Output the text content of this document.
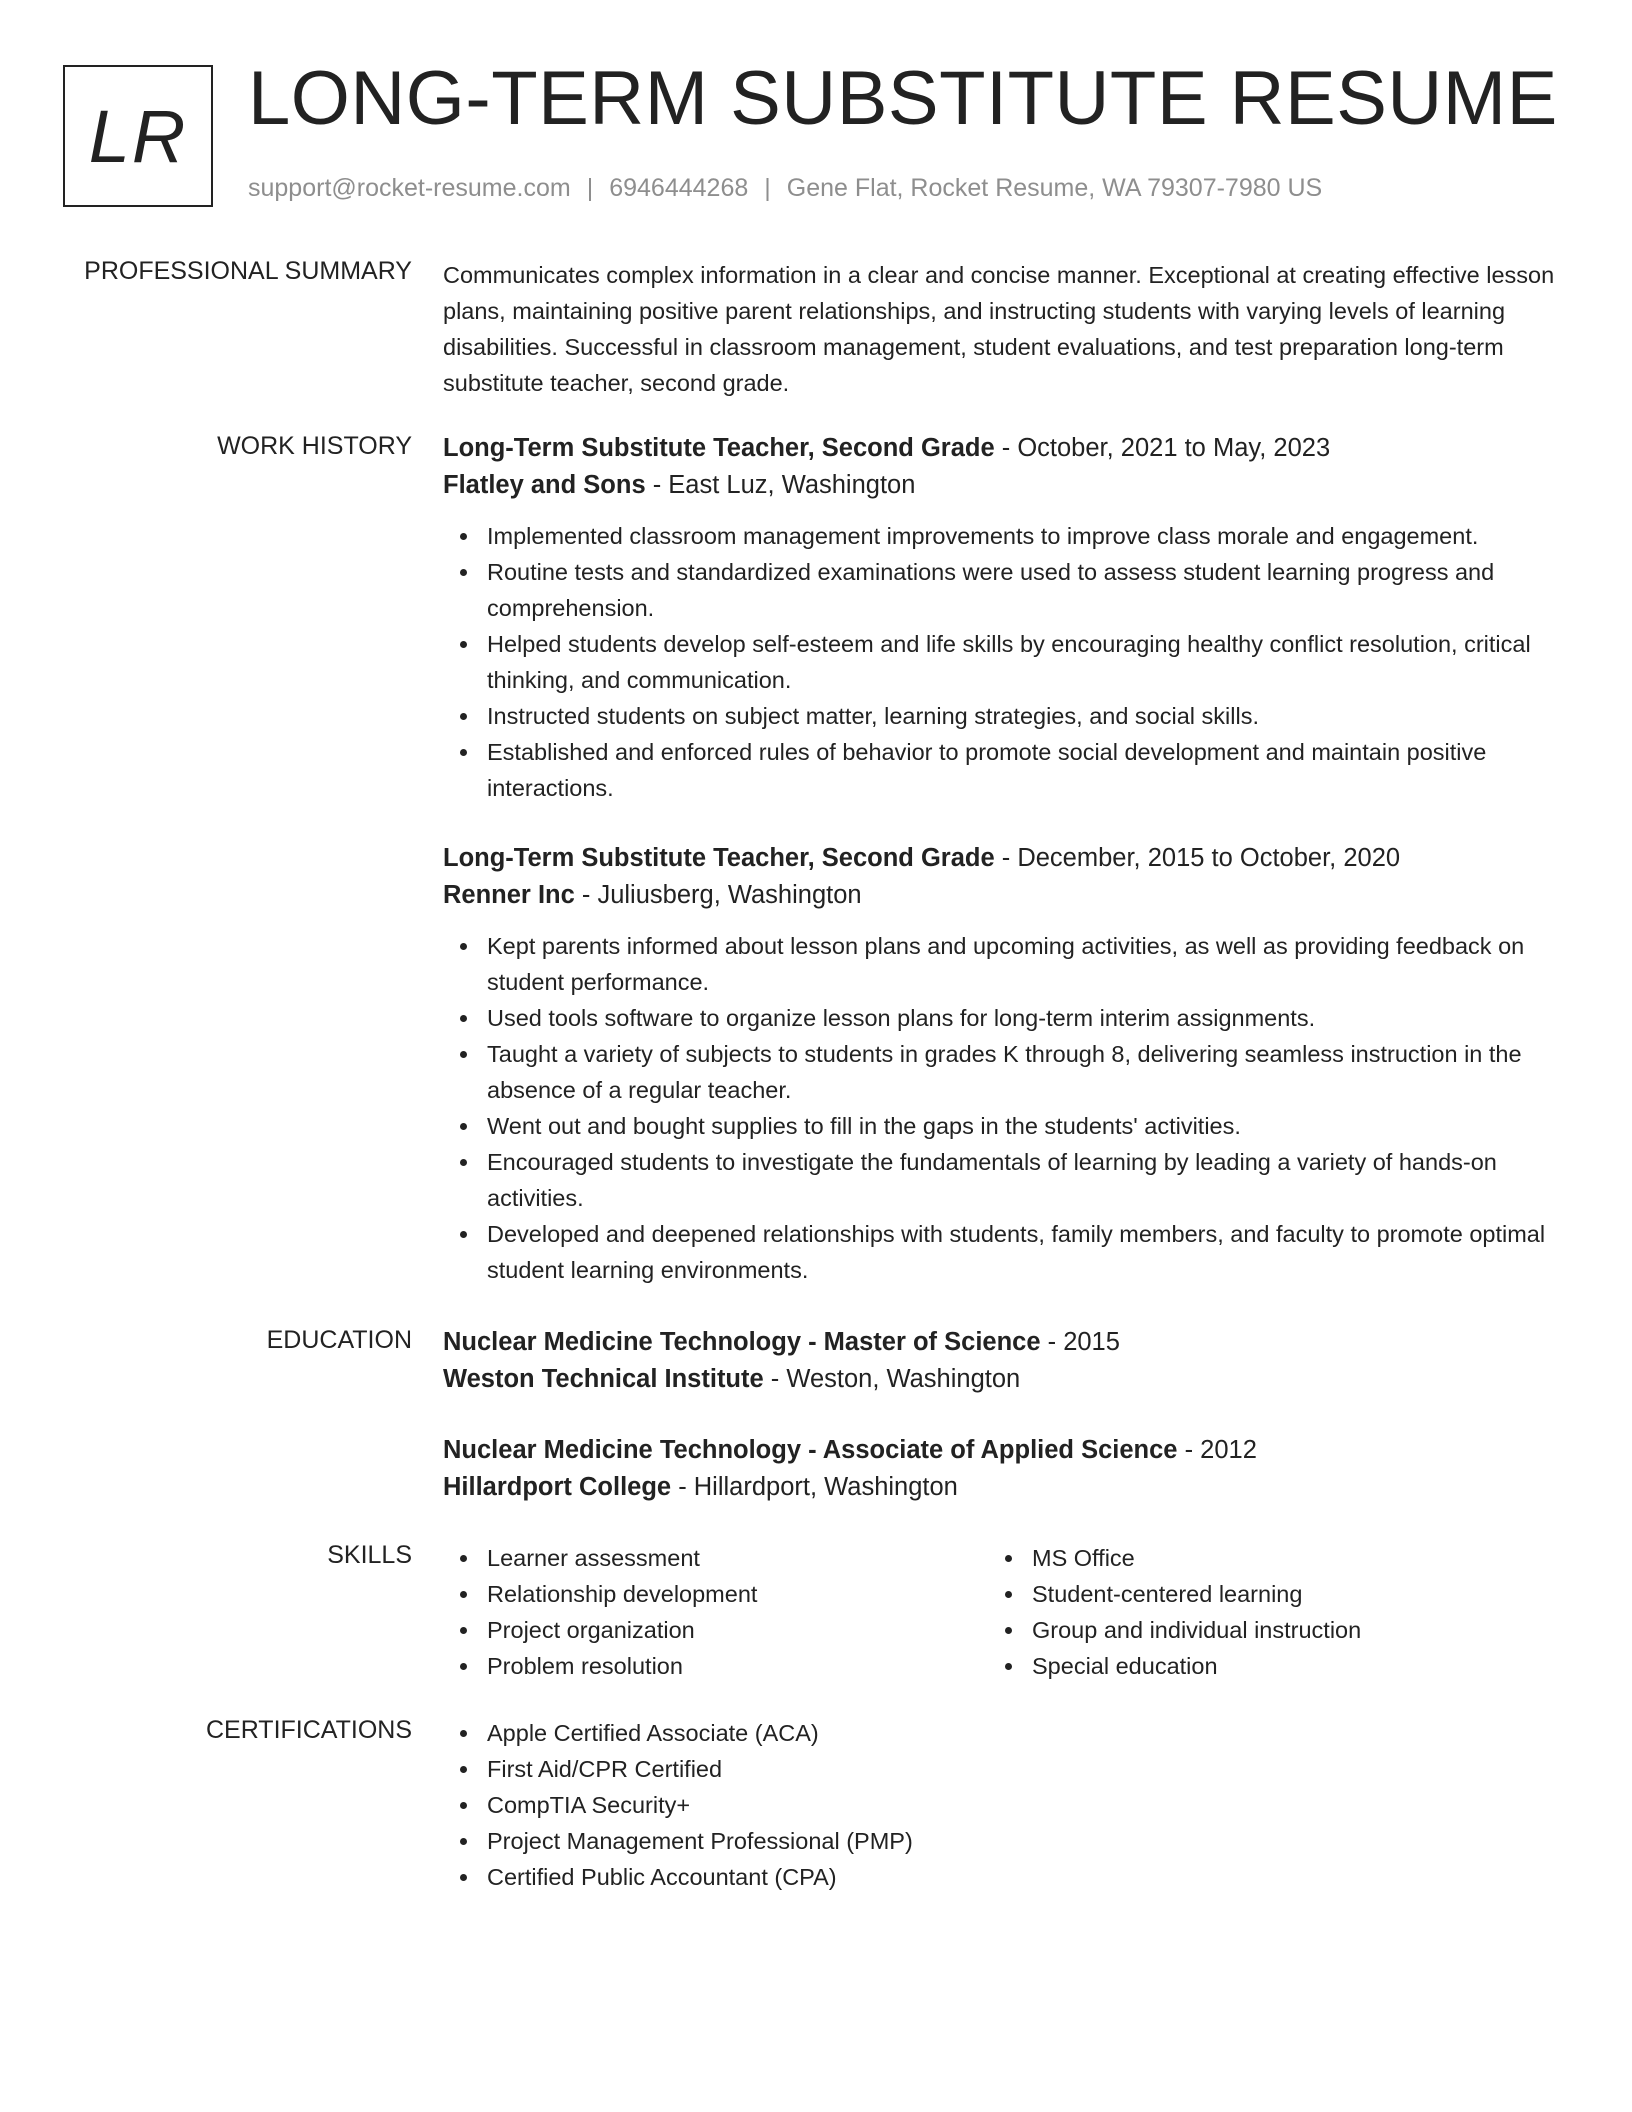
LR LONG-TERM SUBSTITUTE RESUME
support@rocket-resume.com | 6946444268 | Gene Flat, Rocket Resume, WA 79307-7980 US
PROFESSIONAL SUMMARY Communicates complex information in a clear and concise manner. Exceptional at creating effective lesson plans, maintaining positive parent relationships, and instructing students with varying levels of learning disabilities. Successful in classroom management, student evaluations, and test preparation long-term substitute teacher, second grade.

WORK HISTORY Long-Term Substitute Teacher, Second Grade - October, 2021 to May, 2023
Flatley and Sons - East Luz, Washington
Implemented classroom management improvements to improve class morale and engagement.
Routine tests and standardized examinations were used to assess student learning progress and comprehension.
Helped students develop self-esteem and life skills by encouraging healthy conflict resolution, critical thinking, and communication.
Instructed students on subject matter, learning strategies, and social skills.
Established and enforced rules of behavior to promote social development and maintain positive interactions.
Long-Term Substitute Teacher, Second Grade - December, 2015 to October, 2020
Renner Inc - Juliusberg, Washington
Kept parents informed about lesson plans and upcoming activities, as well as providing feedback on student performance.
Used tools software to organize lesson plans for long-term interim assignments.
Taught a variety of subjects to students in grades K through 8, delivering seamless instruction in the absence of a regular teacher.
Went out and bought supplies to fill in the gaps in the students' activities.
Encouraged students to investigate the fundamentals of learning by leading a variety of hands-on activities.
Developed and deepened relationships with students, family members, and faculty to promote optimal student learning environments.
EDUCATION Nuclear Medicine Technology - Master of Science - 2015
Weston Technical Institute - Weston, Washington
Nuclear Medicine Technology - Associate of Applied Science - 2012
Hillardport College - Hillardport, Washington
SKILLS	Learner assessment
Relationship development
Project organization
Problem resolution
MS Office
Student-centered learning
Group and individual instruction
Special education
CERTIFICATIONS	Apple Certified Associate (ACA)
First Aid/CPR Certified
CompTIA Security+
Project Management Professional (PMP)
Certified Public Accountant (CPA)
